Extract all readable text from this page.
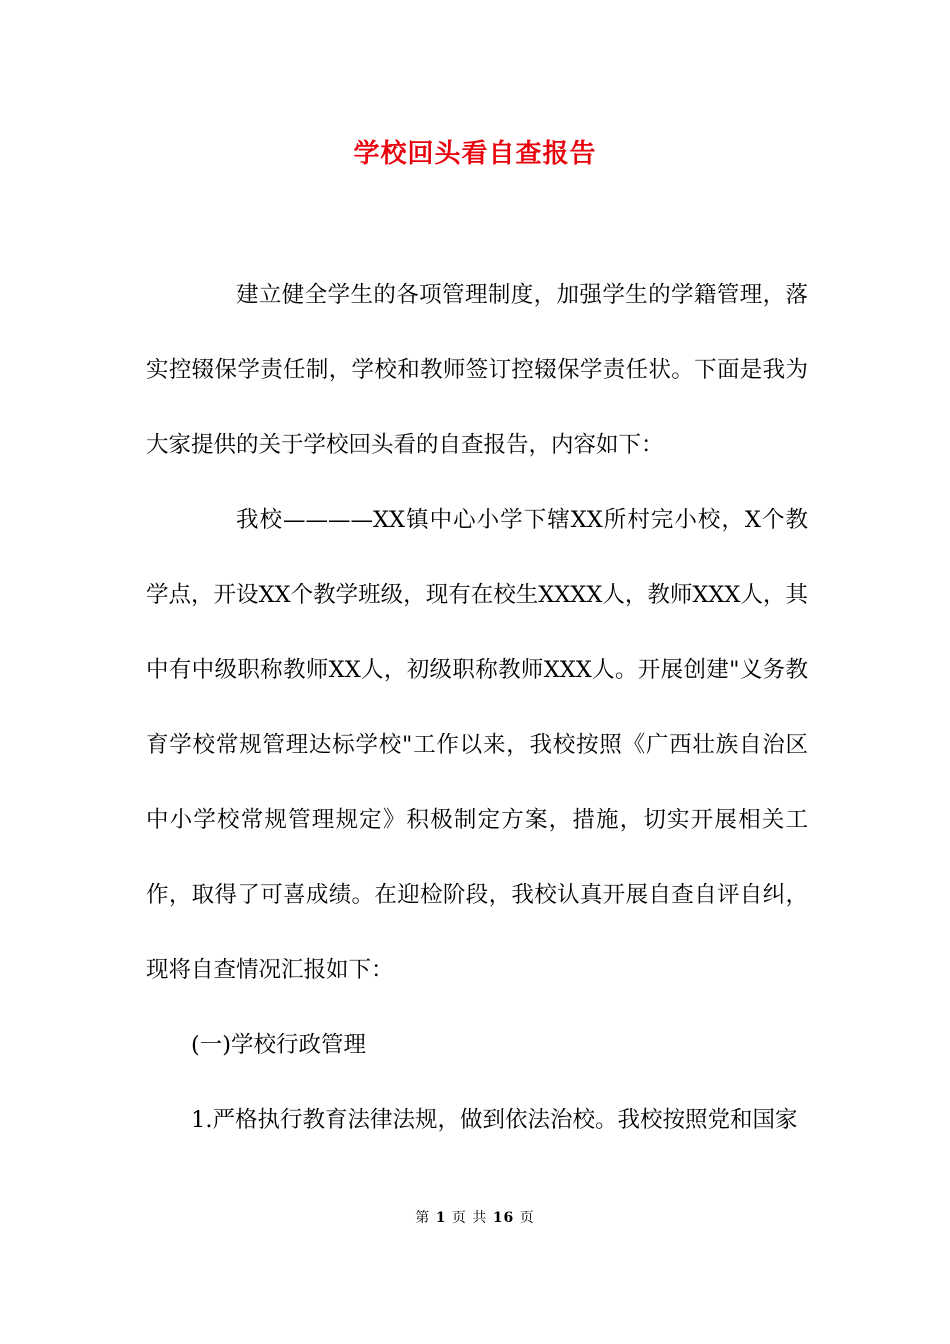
学校回头看自查报告

建立健全学生的各项管理制度，加强学生的学籍管理，落实控辍保学责任制，学校和教师签订控辍保学责任状。下面是我为大家提供的关于学校回头看的自查报告，内容如下：

我校————XX镇中心小学下辖XX所村完小校，X个教学点，开设XX个教学班级，现有在校生XXXX人，教师XXX人，其中有中级职称教师XX人，初级职称教师XXX人。开展创建"义务教育学校常规管理达标学校"工作以来，我校按照《广西壮族自治区中小学校常规管理规定》积极制定方案，措施，切实开展相关工作，取得了可喜成绩。在迎检阶段，我校认真开展自查自评自纠，现将自查情况汇报如下：

(一)学校行政管理

1.严格执行教育法律法规，做到依法治校。我校按照党和国家

第 1 页 共 16 页
